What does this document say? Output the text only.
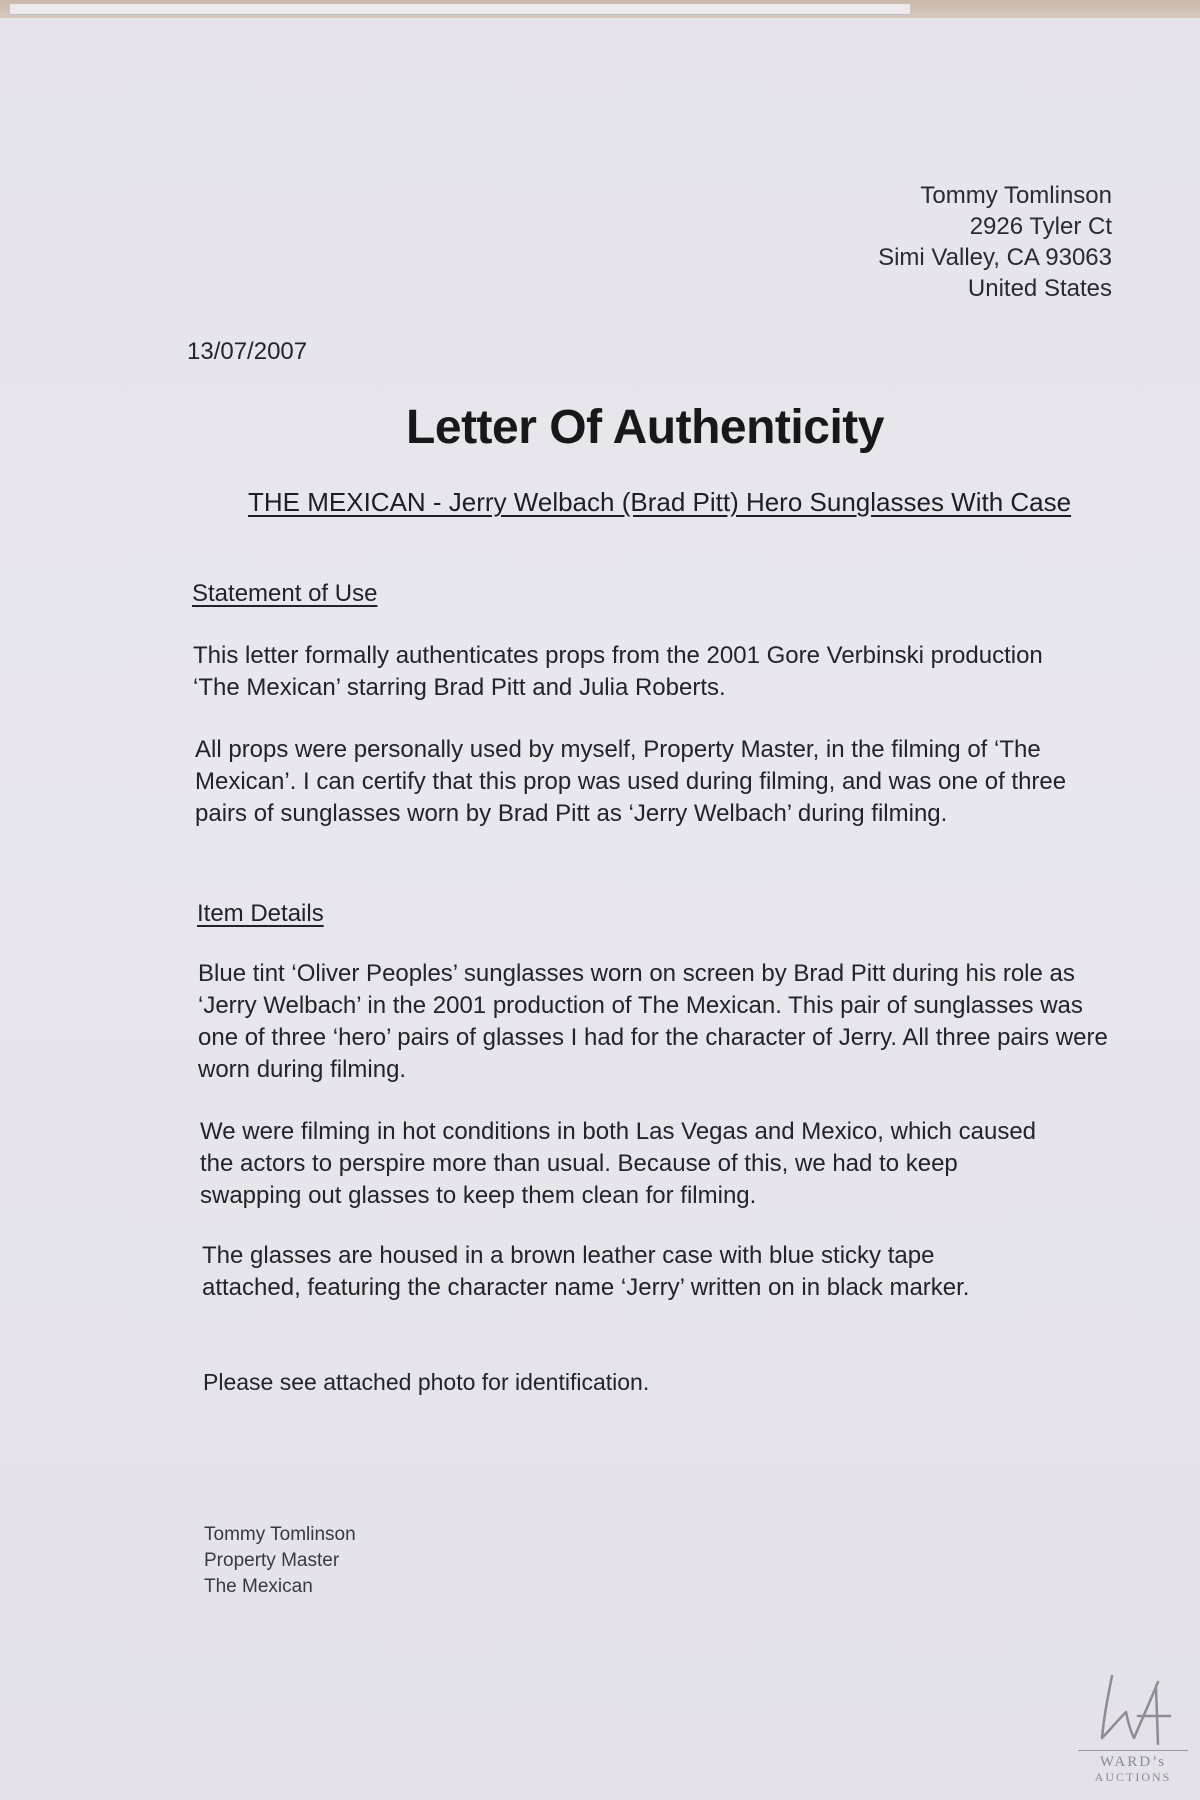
Tommy Tomlinson
2926 Tyler Ct
Simi Valley, CA 93063
United States
13/07/2007
Letter Of Authenticity
THE MEXICAN - Jerry Welbach (Brad Pitt) Hero Sunglasses With Case
Statement of Use
This letter formally authenticates props from the 2001 Gore Verbinski production ‘The Mexican’ starring Brad Pitt and Julia Roberts.
All props were personally used by myself, Property Master, in the filming of ‘The Mexican’. I can certify that this prop was used during filming, and was one of three pairs of sunglasses worn by Brad Pitt as ‘Jerry Welbach’ during filming.
Item Details
Blue tint ‘Oliver Peoples’ sunglasses worn on screen by Brad Pitt during his role as ‘Jerry Welbach’ in the 2001 production of The Mexican. This pair of sunglasses was one of three ‘hero’ pairs of glasses I had for the character of Jerry. All three pairs were worn during filming.
We were filming in hot conditions in both Las Vegas and Mexico, which caused the actors to perspire more than usual. Because of this, we had to keep swapping out glasses to keep them clean for filming.
The glasses are housed in a brown leather case with blue sticky tape attached, featuring the character name ‘Jerry’ written on in black marker.
Please see attached photo for identification.
Tommy Tomlinson
Property Master
The Mexican
WARD’s
AUCTIONS
